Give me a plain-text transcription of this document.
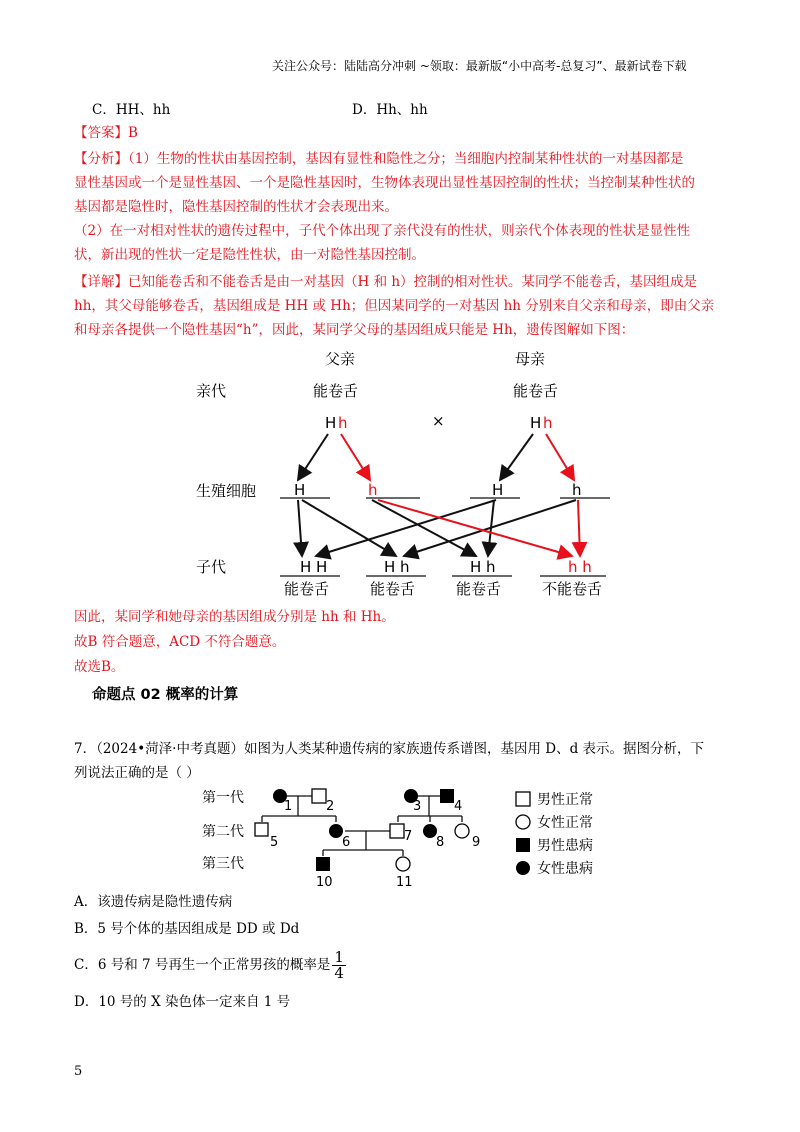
关注公众号：陆陆高分冲刺 ~领取：最新版“小中高考-总复习”、最新试卷下载
C．HH、hh	D．Hh、hh
【答案】B
【分析】（1）生物的性状由基因控制，基因有显性和隐性之分；当细胞内控制某种性状的一对基因都是
显性基因或一个是显性基因、一个是隐性基因时，生物体表现出显性基因控制的性状；当控制某种性状的
基因都是隐性时，隐性基因控制的性状才会表现出来。
（2）在一对相对性状的遗传过程中，子代个体出现了亲代没有的性状，则亲代个体表现的性状是显性性
状，新出现的性状一定是隐性性状，由一对隐性基因控制。
【详解】已知能卷舌和不能卷舌是由一对基因（H 和 h）控制的相对性状。某同学不能卷舌，基因组成是
hh，其父母能够卷舌，基因组成是 HH 或 Hh；但因某同学的一对基因 hh 分别来自父亲和母亲，即由父亲
和母亲各提供一个隐性基因“h”，因此，某同学父母的基因组成只能是 Hh，遗传图解如下图：
父亲	母亲
亲代	能卷舌	能卷舌
H h	×	H h
生殖细胞	H	h	H	h
子代	H H	H h	H h	h h
能卷舌	能卷舌	能卷舌	不能卷舌
因此，某同学和她母亲的基因组成分别是 hh 和 Hh。
故B 符合题意，ACD 不符合题意。
故选B。
命题点 02 概率的计算
7．（2024•菏泽·中考真题）如图为人类某种遗传病的家族遗传系谱图，基因用 D、d 表示。据图分析，下
列说法正确的是（ ）
第一代
第二代
第三代
1	2	3	4
5	6	7 8 9
10	11
男性正常
女性正常
男性患病
女性患病
A．该遗传病是隐性遗传病
B．5 号个体的基因组成是 DD 或 Dd
C．6 号和 7 号再生一个正常男孩的概率是 $\frac{1}{4}$
D．10 号的 X 染色体一定来自 1 号
5
